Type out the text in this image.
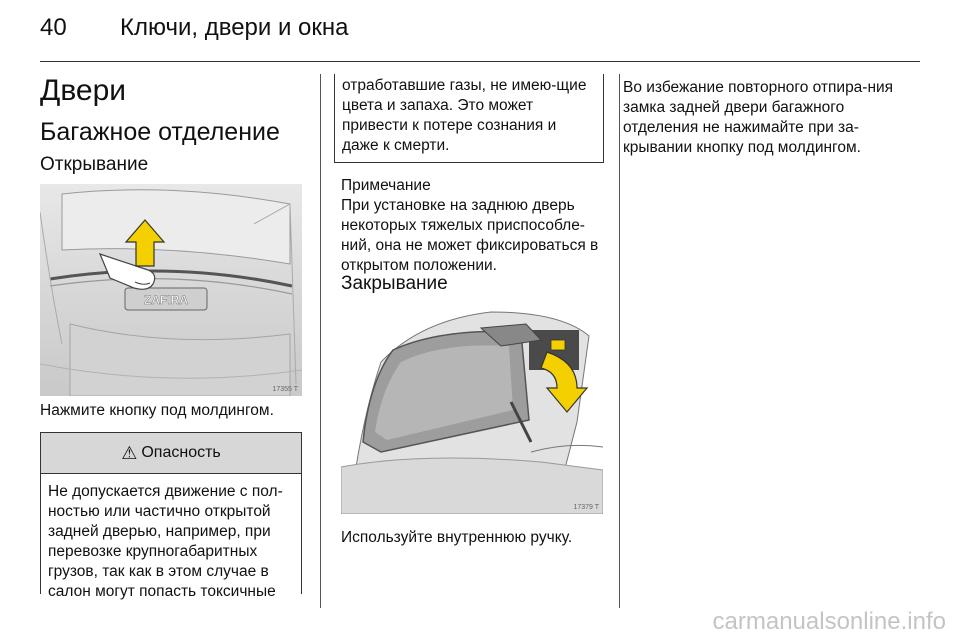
40 Ключи, двери и окна
Двери
Багажное отделение
Открывание
ZAFIRA
17355 T
Нажмите кнопку под молдингом.
⚠ Опасность
Не допускается движение с пол-ностью или частично открытой задней дверью, например, при перевозке крупногабаритных грузов, так как в этом случае в салон могут попасть токсичные
отработавшие газы, не имею-щие цвета и запаха. Это может привести к потере сознания и даже к смерти.
Примечание
При установке на заднюю дверь некоторых тяжелых приспособле-ний, она не может фиксироваться в открытом положении.
Закрывание
17379 T
Используйте внутреннюю ручку.
Во избежание повторного отпира-ния замка задней двери багажного отделения не нажимайте при за-крывании кнопку под молдингом.
carmanualsonline.info
